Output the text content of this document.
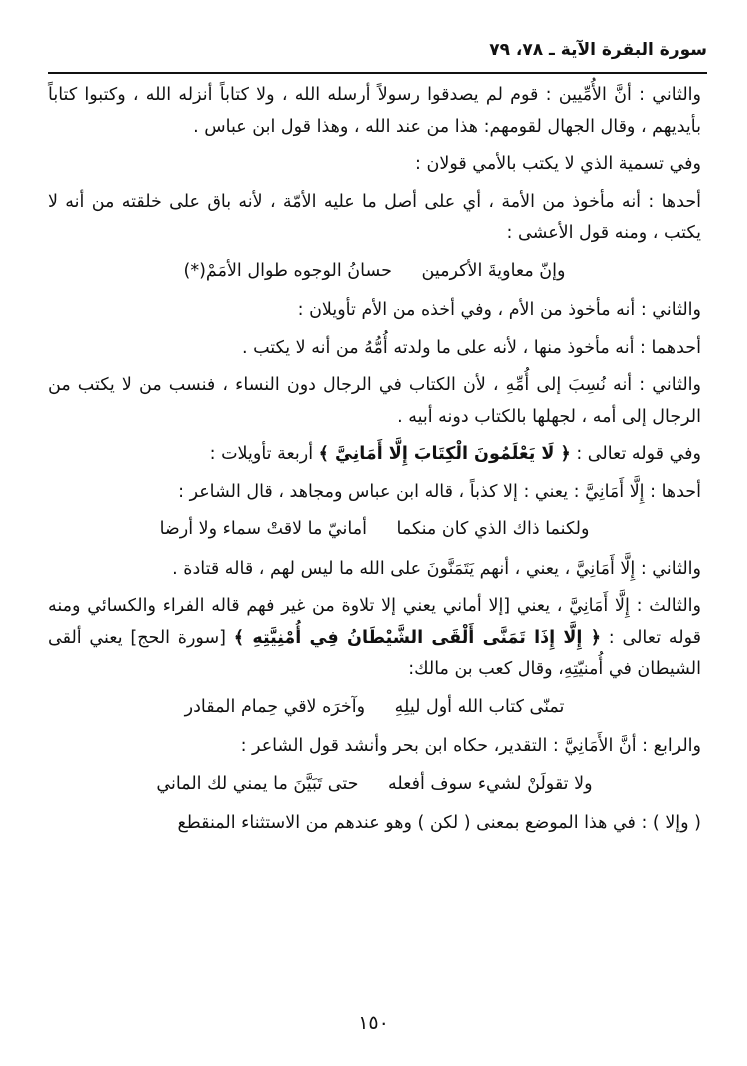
سورة البقرة الآية ـ ٧٨، ٧٩

والثاني : أنَّ الأُمِّيين : قوم لم يصدقوا رسولاً أرسله الله ، ولا كتاباً أنزله الله ، وكتبوا كتاباً بأيديهم ، وقال الجهال لقومهم: هذا من عند الله ، وهذا قول ابن عباس .

وفي تسمية الذي لا يكتب بالأمي قولان :

أحدها : أنه مأخوذ من الأمة ، أي على أصل ما عليه الأمّة ، لأنه باق على خلقته من أنه لا يكتب ، ومنه قول الأعشى :

وإنّ معاويةَ الأكرمين حسانُ الوجوه طوال الأمَمْ(*)

والثاني : أنه مأخوذ من الأم ، وفي أخذه من الأم تأويلان :

أحدهما : أنه مأخوذ منها ، لأنه على ما ولدته أُمُّهُ من أنه لا يكتب .

والثاني : أنه نُسِبَ إلى أُمِّهِ ، لأن الكتاب في الرجال دون النساء ، فنسب من لا يكتب من الرجال إلى أمه ، لجهلها بالكتاب دونه أبيه .

وفي قوله تعالى : ﴿ لَا يَعْلَمُونَ الْكِتَابَ إِلَّا أَمَانِيَّ ﴾ أربعة تأويلات :

أحدها : إِلَّا أَمَانِيَّ : يعني : إلا كذباً ، قاله ابن عباس ومجاهد ، قال الشاعر :

ولكنما ذاك الذي كان منكما أمانيّ ما لاقتْ سماء ولا أرضا

والثاني : إِلَّا أَمَانِيَّ ، يعني ، أنهم يَتَمَنَّونَ على الله ما ليس لهم ، قاله قتادة .

والثالث : إِلَّا أَمَانِيَّ ، يعني [إلا أماني يعني إلا تلاوة من غير فهم قاله الفراء والكسائي ومنه قوله تعالى : ﴿ إِلَّا إِذَا تَمَنَّى أَلْقَى الشَّيْطَانُ فِي أُمْنِيَّتِهِ ﴾ [سورة الحج] يعني ألقى الشيطان في أُمنيّتِهِ، وقال كعب بن مالك:

تمنّى كتاب الله أول ليلِهِ وآخرَه لاقي حِمام المقادر

والرابع : أنَّ الأَمَانِيَّ : التقدير، حكاه ابن بحر وأنشد قول الشاعر :

ولا تقولَنْ لشيء سوف أفعله حتى تَبَيَّنَ ما يمني لك الماني

( وإلا ) : في هذا الموضع بمعنى ( لكن ) وهو عندهم من الاستثناء المنقطع

١٥٠
